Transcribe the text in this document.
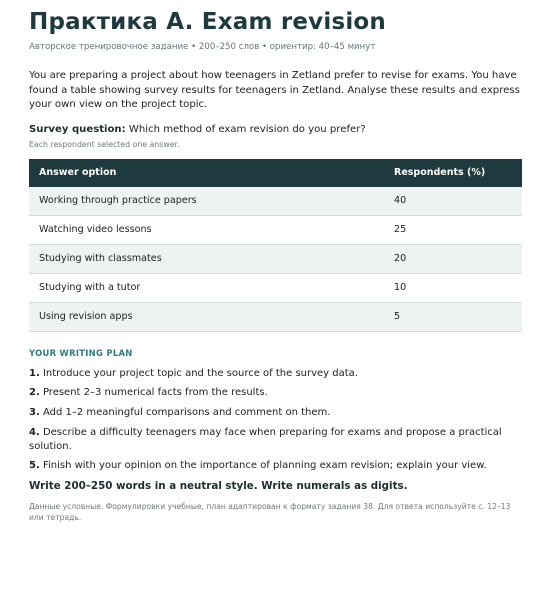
Практика A. Exam revision
Авторское тренировочное задание • 200–250 слов • ориентир: 40–45 минут

You are preparing a project about how teenagers in Zetland prefer to revise for exams. You have found a table showing survey results for teenagers in Zetland. Analyse these results and express your own view on the project topic.

Survey question: Which method of exam revision do you prefer?
Each respondent selected one answer.
Answer option	Respondents (%)
Working through practice papers	40
Watching video lessons	25
Studying with classmates	20
Studying with a tutor	10
Using revision apps	5
YOUR WRITING PLAN
1. Introduce your project topic and the source of the survey data.
2. Present 2–3 numerical facts from the results.
3. Add 1–2 meaningful comparisons and comment on them.
4. Describe a difficulty teenagers may face when preparing for exams and propose a practical solution.
5. Finish with your opinion on the importance of planning exam revision; explain your view.
Write 200–250 words in a neutral style. Write numerals as digits.
Данные условные. Формулировки учебные, план адаптирован к формату задания 38. Для ответа используйте с. 12–13 или тетрадь.
